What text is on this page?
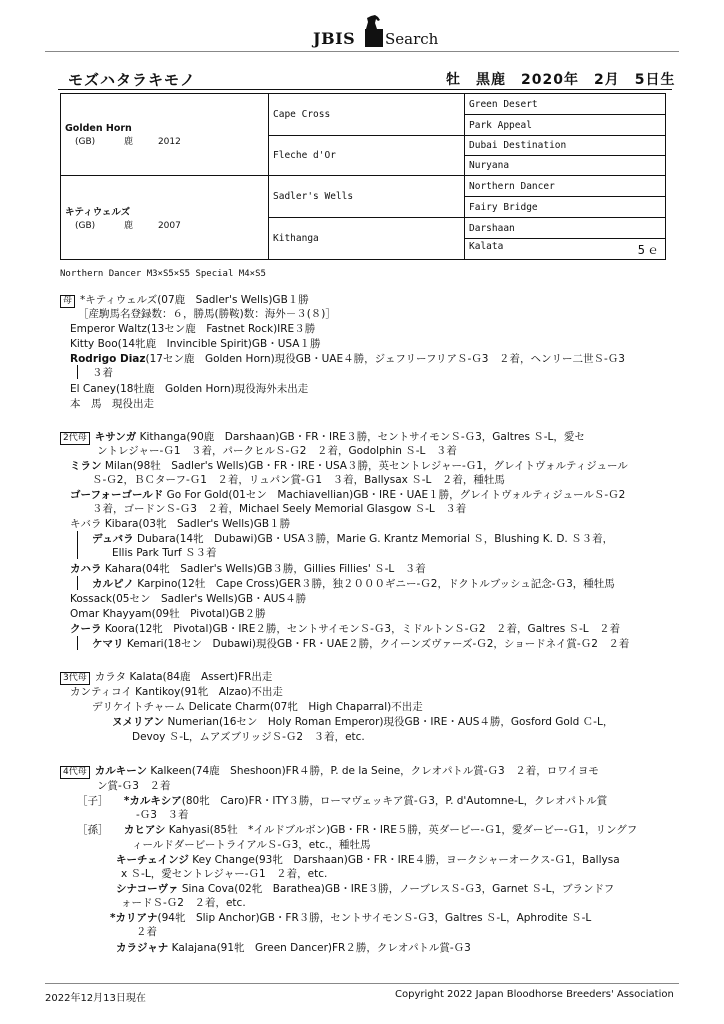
JBIS Search
モズハタラキモノ	牡　黒鹿　2020年　2月　5日生
Golden Horn
(GB) 鹿 2012	Cape Cross	Green Desert
		Park Appeal
	Fleche d'Or	Dubai Destination
		Nuryana

キティウェルズ
(GB) 鹿 2007	Sadler's Wells	Northern Dancer
		Fairy Bridge
	Kithanga	Darshaan
		Kalata 5ｅ
Northern Dancer M3×S5×S5 Special M4×S5
母 *キティウェルズ(07鹿　Sadler's Wells)GB１勝
［産駒馬名登録数：６，勝馬(勝鞍)数：海外－３(８)］
Emperor Waltz(13セン鹿　Fastnet Rock)IRE３勝
Kitty Boo(14牝鹿　Invincible Spirit)GB・USA１勝
Rodrigo Diaz(17セン鹿　Golden Horn)現役GB・UAE４勝，ジェフリーフリアＳ-Ｇ3　２着，ヘンリー二世Ｓ-Ｇ3
３着
El Caney(18牡鹿　Golden Horn)現役海外未出走
本　馬　現役出走
2代母 キサンガ Kithanga(90鹿　Darshaan)GB・FR・IRE３勝，セントサイモンＳ-Ｇ3，Galtres Ｓ-L，愛セ
ントレジャー-Ｇ1　３着，パークヒルＳ-Ｇ2　２着，Godolphin Ｓ-L　３着
ミラン Milan(98牡　Sadler's Wells)GB・FR・IRE・USA３勝，英セントレジャー-Ｇ1，グレイトヴォルティジュール
Ｓ-Ｇ2，ＢＣターフ-Ｇ1　２着，リュパン賞-Ｇ1　３着，Ballysax Ｓ-L　２着，種牡馬
ゴーフォーゴールド Go For Gold(01セン　Machiavellian)GB・IRE・UAE１勝，グレイトヴォルティジュールＳ-Ｇ2
３着，ゴードンＳ-Ｇ3　２着，Michael Seely Memorial Glasgow Ｓ-L　３着
キバラ Kibara(03牝　Sadler's Wells)GB１勝
デュバラ Dubara(14牝　Dubawi)GB・USA３勝，Marie G. Krantz Memorial Ｓ，Blushing K. D. Ｓ３着，
Ellis Park Turf Ｓ３着
カハラ Kahara(04牝　Sadler's Wells)GB３勝，Gillies Fillies' Ｓ-L　３着
カルピノ Karpino(12牡　Cape Cross)GER３勝，独２０００ギニー-Ｇ2，ドクトルブッシュ記念-Ｇ3，種牡馬
Kossack(05セン　Sadler's Wells)GB・AUS４勝
Omar Khayyam(09牡　Pivotal)GB２勝
クーラ Koora(12牝　Pivotal)GB・IRE２勝，セントサイモンＳ-Ｇ3，ミドルトンＳ-Ｇ2　２着，Galtres Ｓ-L　２着
ケマリ Kemari(18セン　Dubawi)現役GB・FR・UAE２勝，クイーンズヴァーズ-Ｇ2，ショードネイ賞-Ｇ2　２着
3代母 カラタ Kalata(84鹿　Assert)FR出走
カンティコイ Kantikoy(91牝　Alzao)不出走
デリケイトチャーム Delicate Charm(07牝　High Chaparral)不出走
ヌメリアン Numerian(16セン　Holy Roman Emperor)現役GB・IRE・AUS４勝，Gosford Gold Ｃ-L，
Devoy Ｓ-L，ムアズブリッジＳ-Ｇ2　３着，etc.
4代母 カルキーン Kalkeen(74鹿　Sheshoon)FR４勝，P. de la Seine，クレオパトル賞-Ｇ3　２着，ロワイヨモ
ン賞-Ｇ3　２着
［子］ *カルキシア(80牝　Caro)FR・ITY３勝，ローマヴェッキア賞-Ｇ3，P. d'Automne-L，クレオパトル賞
-Ｇ3　３着
［孫］ カヒアシ Kahyasi(85牡　*イルドブルボン)GB・FR・IRE５勝，英ダービー-Ｇ1，愛ダービー-Ｇ1，リングフ
ィールドダービートライアルＳ-Ｇ3，etc.，種牡馬
キーチェインジ Key Change(93牝　Darshaan)GB・FR・IRE４勝，ヨークシャーオークス-Ｇ1，Ballysa
x Ｓ-L，愛セントレジャー-Ｇ1　２着，etc.
シナコーヴァ Sina Cova(02牝　Barathea)GB・IRE３勝，ノーブレスＳ-Ｇ3，Garnet Ｓ-L，ブランドフ
ォードＳ-Ｇ2　２着，etc.
*カリアナ(94牝　Slip Anchor)GB・FR３勝，セントサイモンＳ-Ｇ3，Galtres Ｓ-L，Aphrodite Ｓ-L
２着
カラジャナ Kalajana(91牝　Green Dancer)FR２勝，クレオパトル賞-Ｇ3
2022年12月13日現在	Copyright 2022 Japan Bloodhorse Breeders' Association
